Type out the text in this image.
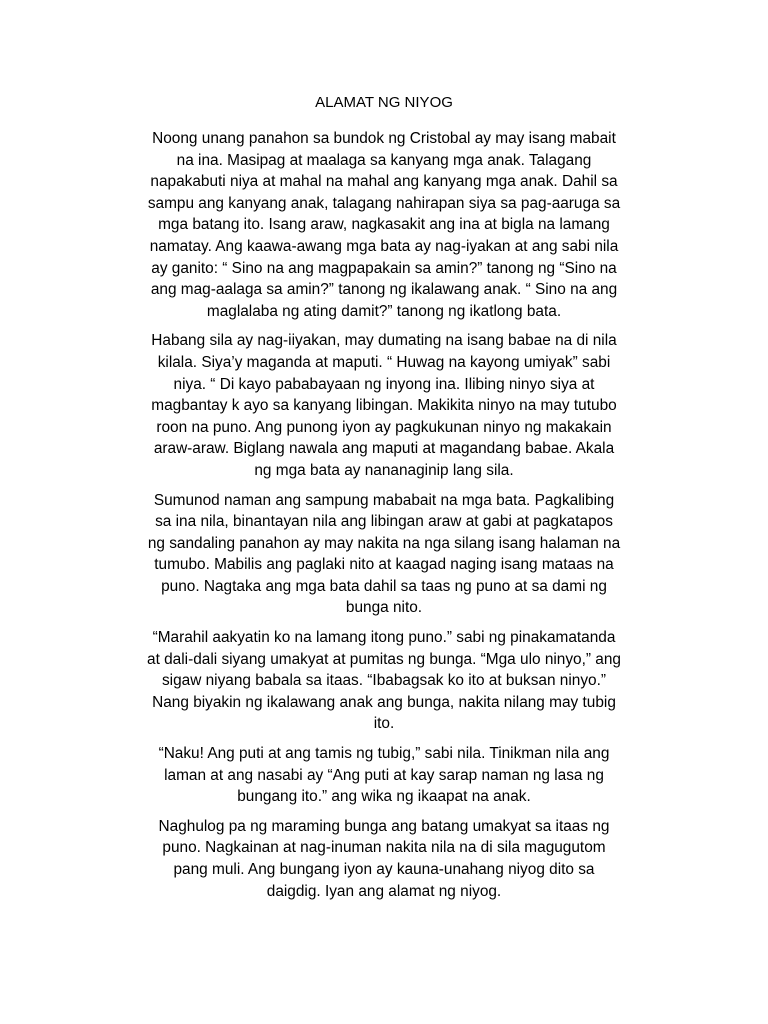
ALAMAT NG NIYOG

Noong unang panahon sa bundok ng Cristobal ay may isang mabait
na ina. Masipag at maalaga sa kanyang mga anak. Talagang
napakabuti niya at mahal na mahal ang kanyang mga anak. Dahil sa
sampu ang kanyang anak, talagang nahirapan siya sa pag-aaruga sa
mga batang ito. Isang araw, nagkasakit ang ina at bigla na lamang
namatay. Ang kaawa-awang mga bata ay nag-iyakan at ang sabi nila
ay ganito: “ Sino na ang magpapakain sa amin?” tanong ng “Sino na
ang mag-aalaga sa amin?” tanong ng ikalawang anak. “ Sino na ang
maglalaba ng ating damit?” tanong ng ikatlong bata.

Habang sila ay nag-iiyakan, may dumating na isang babae na di nila
kilala. Siya’y maganda at maputi. “ Huwag na kayong umiyak” sabi
niya. “ Di kayo pababayaan ng inyong ina. Ilibing ninyo siya at
magbantay k ayo sa kanyang libingan. Makikita ninyo na may tutubo
roon na puno. Ang punong iyon ay pagkukunan ninyo ng makakain
araw-araw. Biglang nawala ang maputi at magandang babae. Akala
ng mga bata ay nananaginip lang sila.

Sumunod naman ang sampung mababait na mga bata. Pagkalibing
sa ina nila, binantayan nila ang libingan araw at gabi at pagkatapos
ng sandaling panahon ay may nakita na nga silang isang halaman na
tumubo. Mabilis ang paglaki nito at kaagad naging isang mataas na
puno. Nagtaka ang mga bata dahil sa taas ng puno at sa dami ng
bunga nito.

“Marahil aakyatin ko na lamang itong puno.” sabi ng pinakamatanda
at dali-dali siyang umakyat at pumitas ng bunga. “Mga ulo ninyo,” ang
sigaw niyang babala sa itaas. “Ibabagsak ko ito at buksan ninyo.”
Nang biyakin ng ikalawang anak ang bunga, nakita nilang may tubig
ito.

“Naku! Ang puti at ang tamis ng tubig,” sabi nila. Tinikman nila ang
laman at ang nasabi ay “Ang puti at kay sarap naman ng lasa ng
bungang ito.” ang wika ng ikaapat na anak.

Naghulog pa ng maraming bunga ang batang umakyat sa itaas ng
puno. Nagkainan at nag-inuman nakita nila na di sila magugutom
pang muli. Ang bungang iyon ay kauna-unahang niyog dito sa
daigdig. Iyan ang alamat ng niyog.
